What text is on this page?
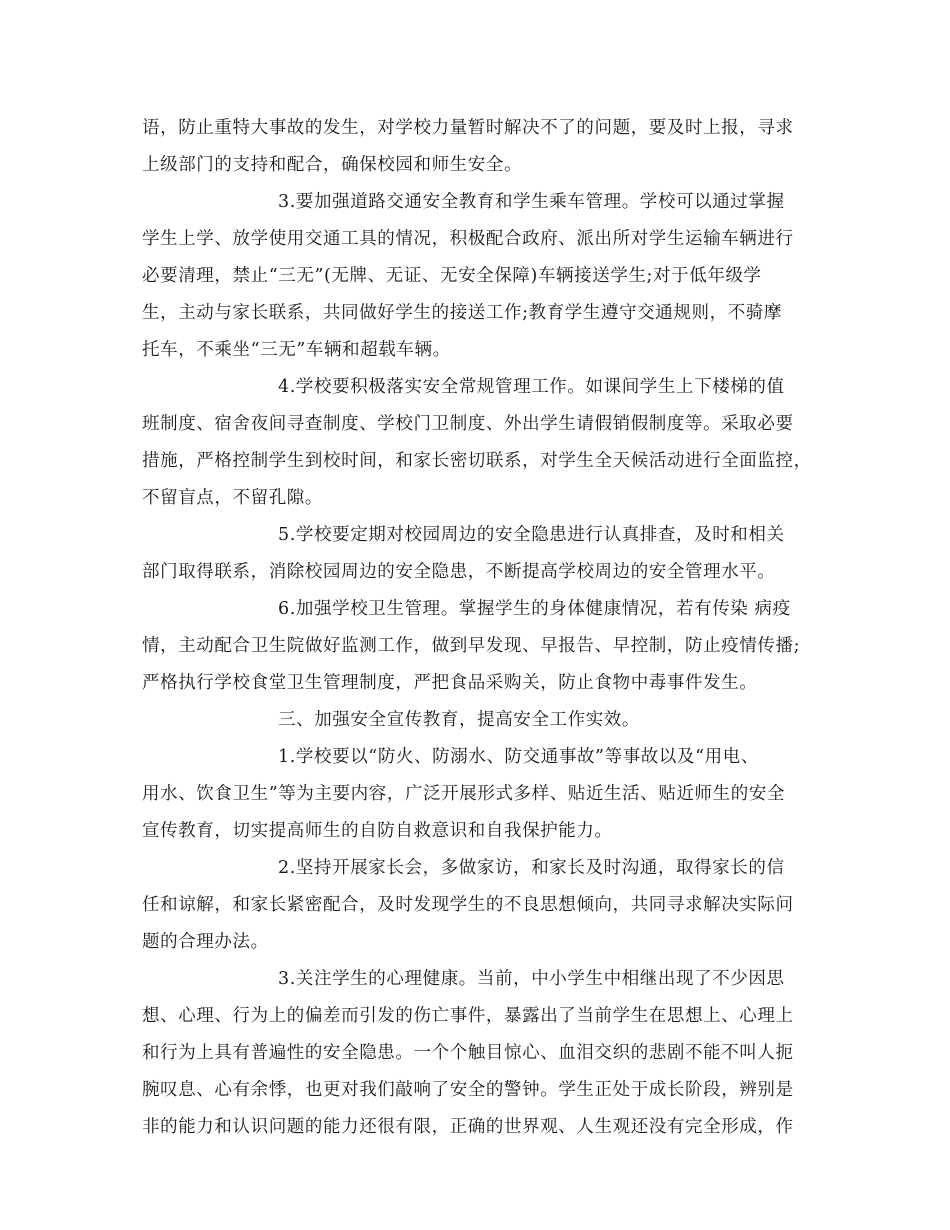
语，防止重特大事故的发生，对学校力量暂时解决不了的问题，要及时上报，寻求
上级部门的支持和配合，确保校园和师生安全。
3.要加强道路交通安全教育和学生乘车管理。学校可以通过掌握
学生上学、放学使用交通工具的情况，积极配合政府、派出所对学生运输车辆进行
必要清理，禁止“三无”(无牌、无证、无安全保障)车辆接送学生;对于低年级学
生，主动与家长联系，共同做好学生的接送工作;教育学生遵守交通规则，不骑摩
托车，不乘坐“三无”车辆和超载车辆。
4.学校要积极落实安全常规管理工作。如课间学生上下楼梯的值
班制度、宿舍夜间寻查制度、学校门卫制度、外出学生请假销假制度等。采取必要
措施，严格控制学生到校时间，和家长密切联系，对学生全天候活动进行全面监控，
不留盲点，不留孔隙。
5.学校要定期对校园周边的安全隐患进行认真排查，及时和相关
部门取得联系，消除校园周边的安全隐患，不断提高学校周边的安全管理水平。
6.加强学校卫生管理。掌握学生的身体健康情况，若有传染 病疫
情，主动配合卫生院做好监测工作，做到早发现、早报告、早控制，防止疫情传播;
严格执行学校食堂卫生管理制度，严把食品采购关，防止食物中毒事件发生。
三、加强安全宣传教育，提高安全工作实效。
1.学校要以“防火、防溺水、防交通事故”等事故以及“用电、
用水、饮食卫生”等为主要内容，广泛开展形式多样、贴近生活、贴近师生的安全
宣传教育，切实提高师生的自防自救意识和自我保护能力。
2.坚持开展家长会，多做家访，和家长及时沟通，取得家长的信
任和谅解，和家长紧密配合，及时发现学生的不良思想倾向，共同寻求解决实际问
题的合理办法。
3.关注学生的心理健康。当前，中小学生中相继出现了不少因思
想、心理、行为上的偏差而引发的伤亡事件，暴露出了当前学生在思想上、心理上
和行为上具有普遍性的安全隐患。一个个触目惊心、血泪交织的悲剧不能不叫人扼
腕叹息、心有余悸，也更对我们敲响了安全的警钟。学生正处于成长阶段，辨别是
非的能力和认识问题的能力还很有限，正确的世界观、人生观还没有完全形成，作
